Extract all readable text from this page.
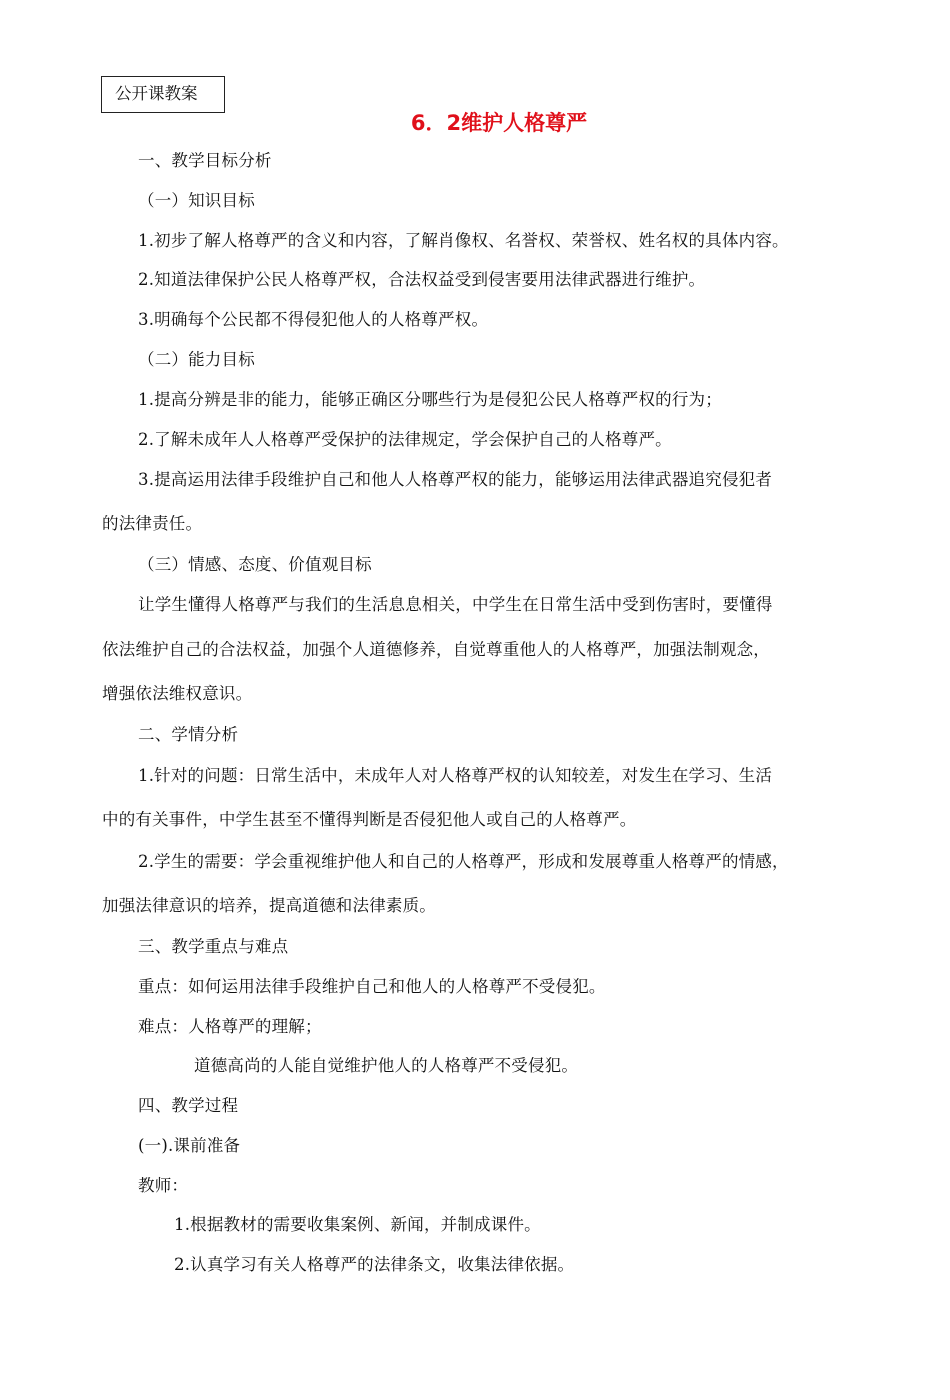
公开课教案
6．2维护人格尊严
一、教学目标分析
（一）知识目标
1.初步了解人格尊严的含义和内容，了解肖像权、名誉权、荣誉权、姓名权的具体内容。
2.知道法律保护公民人格尊严权，合法权益受到侵害要用法律武器进行维护。
3.明确每个公民都不得侵犯他人的人格尊严权。
（二）能力目标
1.提高分辨是非的能力，能够正确区分哪些行为是侵犯公民人格尊严权的行为；
2.了解未成年人人格尊严受保护的法律规定，学会保护自己的人格尊严。
3.提高运用法律手段维护自己和他人人格尊严权的能力，能够运用法律武器追究侵犯者
的法律责任。
（三）情感、态度、价值观目标
让学生懂得人格尊严与我们的生活息息相关，中学生在日常生活中受到伤害时，要懂得
依法维护自己的合法权益，加强个人道德修养，自觉尊重他人的人格尊严，加强法制观念，
增强依法维权意识。
二、学情分析
1.针对的问题：日常生活中，未成年人对人格尊严权的认知较差，对发生在学习、生活
中的有关事件，中学生甚至不懂得判断是否侵犯他人或自己的人格尊严。
2.学生的需要：学会重视维护他人和自己的人格尊严，形成和发展尊重人格尊严的情感，
加强法律意识的培养，提高道德和法律素质。
三、教学重点与难点
重点：如何运用法律手段维护自己和他人的人格尊严不受侵犯。
难点：人格尊严的理解；
道德高尚的人能自觉维护他人的人格尊严不受侵犯。
四、教学过程
(一).课前准备
教师：
1.根据教材的需要收集案例、新闻，并制成课件。
2.认真学习有关人格尊严的法律条文，收集法律依据。
